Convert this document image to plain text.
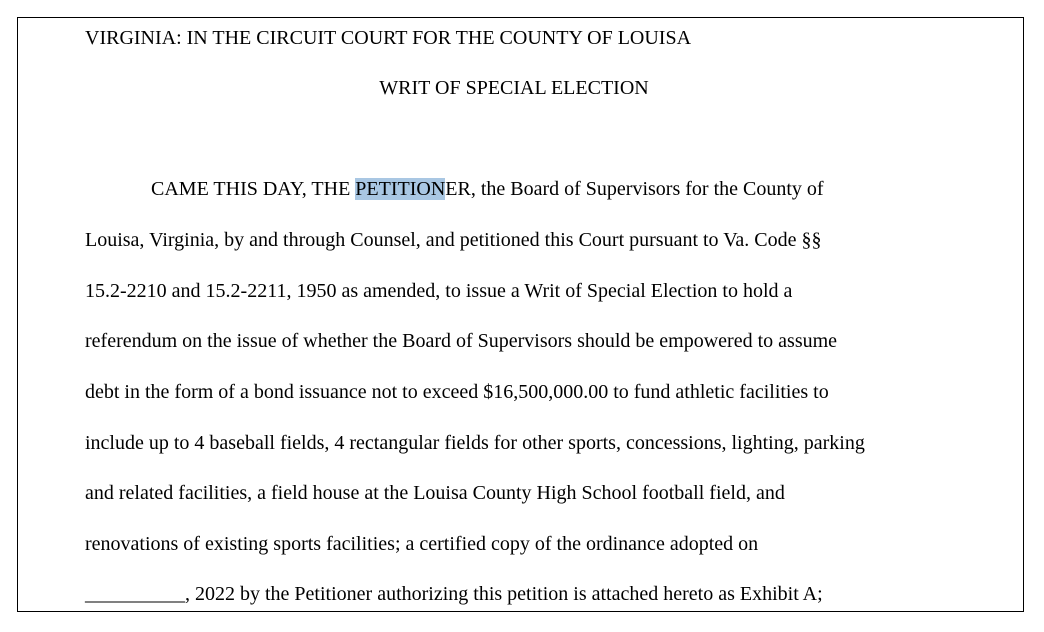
VIRGINIA: IN THE CIRCUIT COURT FOR THE COUNTY OF LOUISA
WRIT OF SPECIAL ELECTION
CAME THIS DAY, THE PETITIONER, the Board of Supervisors for the County of
Louisa, Virginia, by and through Counsel, and petitioned this Court pursuant to Va. Code §§
15.2-2210 and 15.2-2211, 1950 as amended, to issue a Writ of Special Election to hold a
referendum on the issue of whether the Board of Supervisors should be empowered to assume
debt in the form of a bond issuance not to exceed $16,500,000.00 to fund athletic facilities to
include up to 4 baseball fields, 4 rectangular fields for other sports, concessions, lighting, parking
and related facilities, a field house at the Louisa County High School football field, and
renovations of existing sports facilities; a certified copy of the ordinance adopted on
__________, 2022 by the Petitioner authorizing this petition is attached hereto as Exhibit A;
